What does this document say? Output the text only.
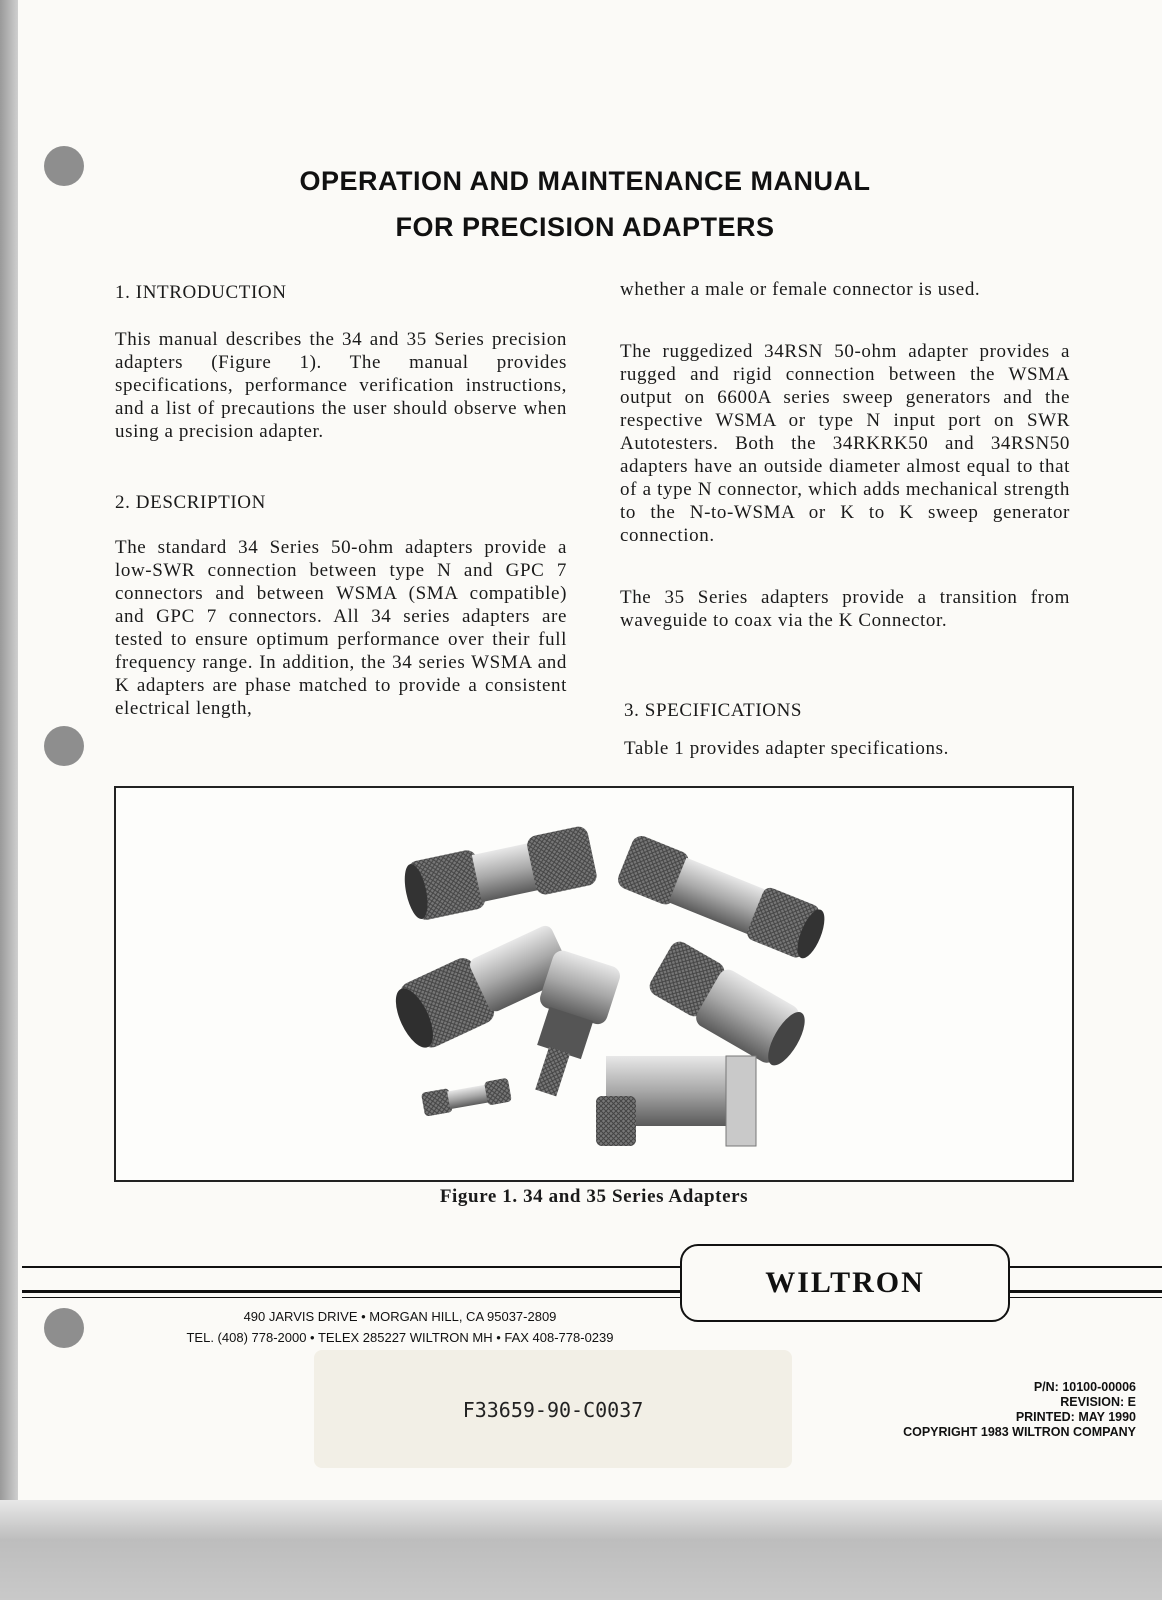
OPERATION AND MAINTENANCE MANUAL
FOR PRECISION ADAPTERS
1. INTRODUCTION
This manual describes the 34 and 35 Series precision adapters (Figure 1). The manual provides specifications, performance verification instructions, and a list of precautions the user should observe when using a precision adapter.
2. DESCRIPTION
The standard 34 Series 50-ohm adapters provide a low-SWR connection between type N and GPC 7 connectors and between WSMA (SMA compatible) and GPC 7 connectors. All 34 series adapters are tested to ensure optimum performance over their full frequency range. In addition, the 34 series WSMA and K adapters are phase matched to provide a consistent electrical length,
whether a male or female connector is used.
The ruggedized 34RSN 50-ohm adapter provides a rugged and rigid connection between the WSMA output on 6600A series sweep generators and the respective WSMA or type N input port on SWR Autotesters. Both the 34RKRK50 and 34RSN50 adapters have an outside diameter almost equal to that of a type N connector, which adds mechanical strength to the N-to-WSMA or K to K sweep generator connection.
The 35 Series adapters provide a transition from waveguide to coax via the K Connector.
3. SPECIFICATIONS
Table 1 provides adapter specifications.
Figure 1. 34 and 35 Series Adapters
WILTRON
490 JARVIS DRIVE • MORGAN HILL, CA 95037-2809
TEL. (408) 778-2000 • TELEX 285227 WILTRON MH • FAX 408-778-0239
F33659-90-C0037
P/N: 10100-00006
REVISION: E
PRINTED: MAY 1990
COPYRIGHT 1983 WILTRON COMPANY
